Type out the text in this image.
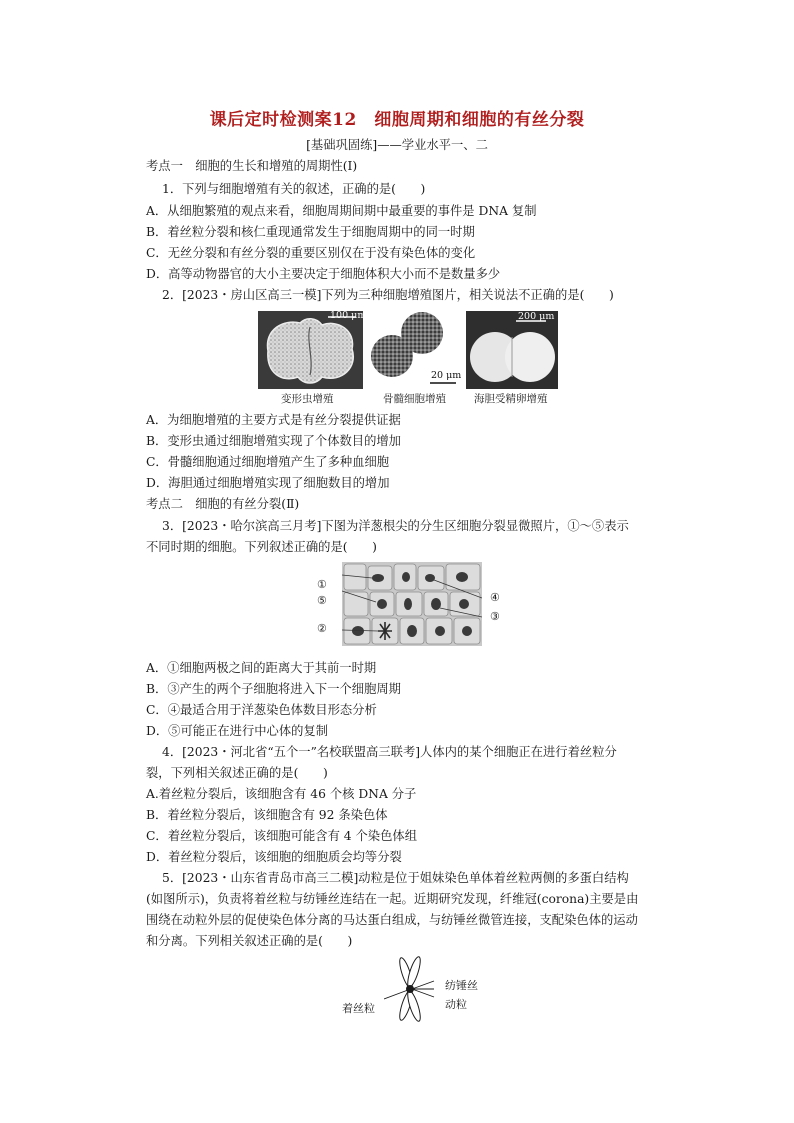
课后定时检测案12　细胞周期和细胞的有丝分裂
[基础巩固练]——学业水平一、二
考点一　细胞的生长和增殖的周期性(Ⅰ)
1．下列与细胞增殖有关的叙述，正确的是(　　)
A．从细胞繁殖的观点来看，细胞周期间期中最重要的事件是 DNA 复制
B．着丝粒分裂和核仁重现通常发生于细胞周期中的同一时期
C．无丝分裂和有丝分裂的重要区别仅在于没有染色体的变化
D．高等动物器官的大小主要决定于细胞体积大小而不是数量多少
2．[2023・房山区高三一模]下列为三种细胞增殖图片，相关说法不正确的是(　　)
100 μm
20 μm
200 μm
变形虫增殖	骨髓细胞增殖	海胆受精卵增殖
A．为细胞增殖的主要方式是有丝分裂提供证据
B．变形虫通过细胞增殖实现了个体数目的增加
C．骨髓细胞通过细胞增殖产生了多种血细胞
D．海胆通过细胞增殖实现了细胞数目的增加
考点二　细胞的有丝分裂(Ⅱ)
3．[2023・哈尔滨高三月考]下图为洋葱根尖的分生区细胞分裂显微照片，①～⑤表示
不同时期的细胞。下列叙述正确的是(　　)
①
⑤
②
④
③
A．①细胞两极之间的距离大于其前一时期
B．③产生的两个子细胞将进入下一个细胞周期
C．④最适合用于洋葱染色体数目形态分析
D．⑤可能正在进行中心体的复制
4．[2023・河北省“五个一”名校联盟高三联考]人体内的某个细胞正在进行着丝粒分
裂，下列相关叙述正确的是(　　)
A.着丝粒分裂后，该细胞含有 46 个核 DNA 分子
B．着丝粒分裂后，该细胞含有 92 条染色体
C．着丝粒分裂后，该细胞可能含有 4 个染色体组
D．着丝粒分裂后，该细胞的细胞质会均等分裂
5．[2023・山东省青岛市高三二模]动粒是位于姐妹染色单体着丝粒两侧的多蛋白结构
(如图所示)，负责将着丝粒与纺锤丝连结在一起。近期研究发现，纤维冠(corona)主要是由
围绕在动粒外层的促使染色体分离的马达蛋白组成，与纺锤丝微管连接，支配染色体的运动
和分离。下列相关叙述正确的是(　　)
纺锤丝
动粒
着丝粒
